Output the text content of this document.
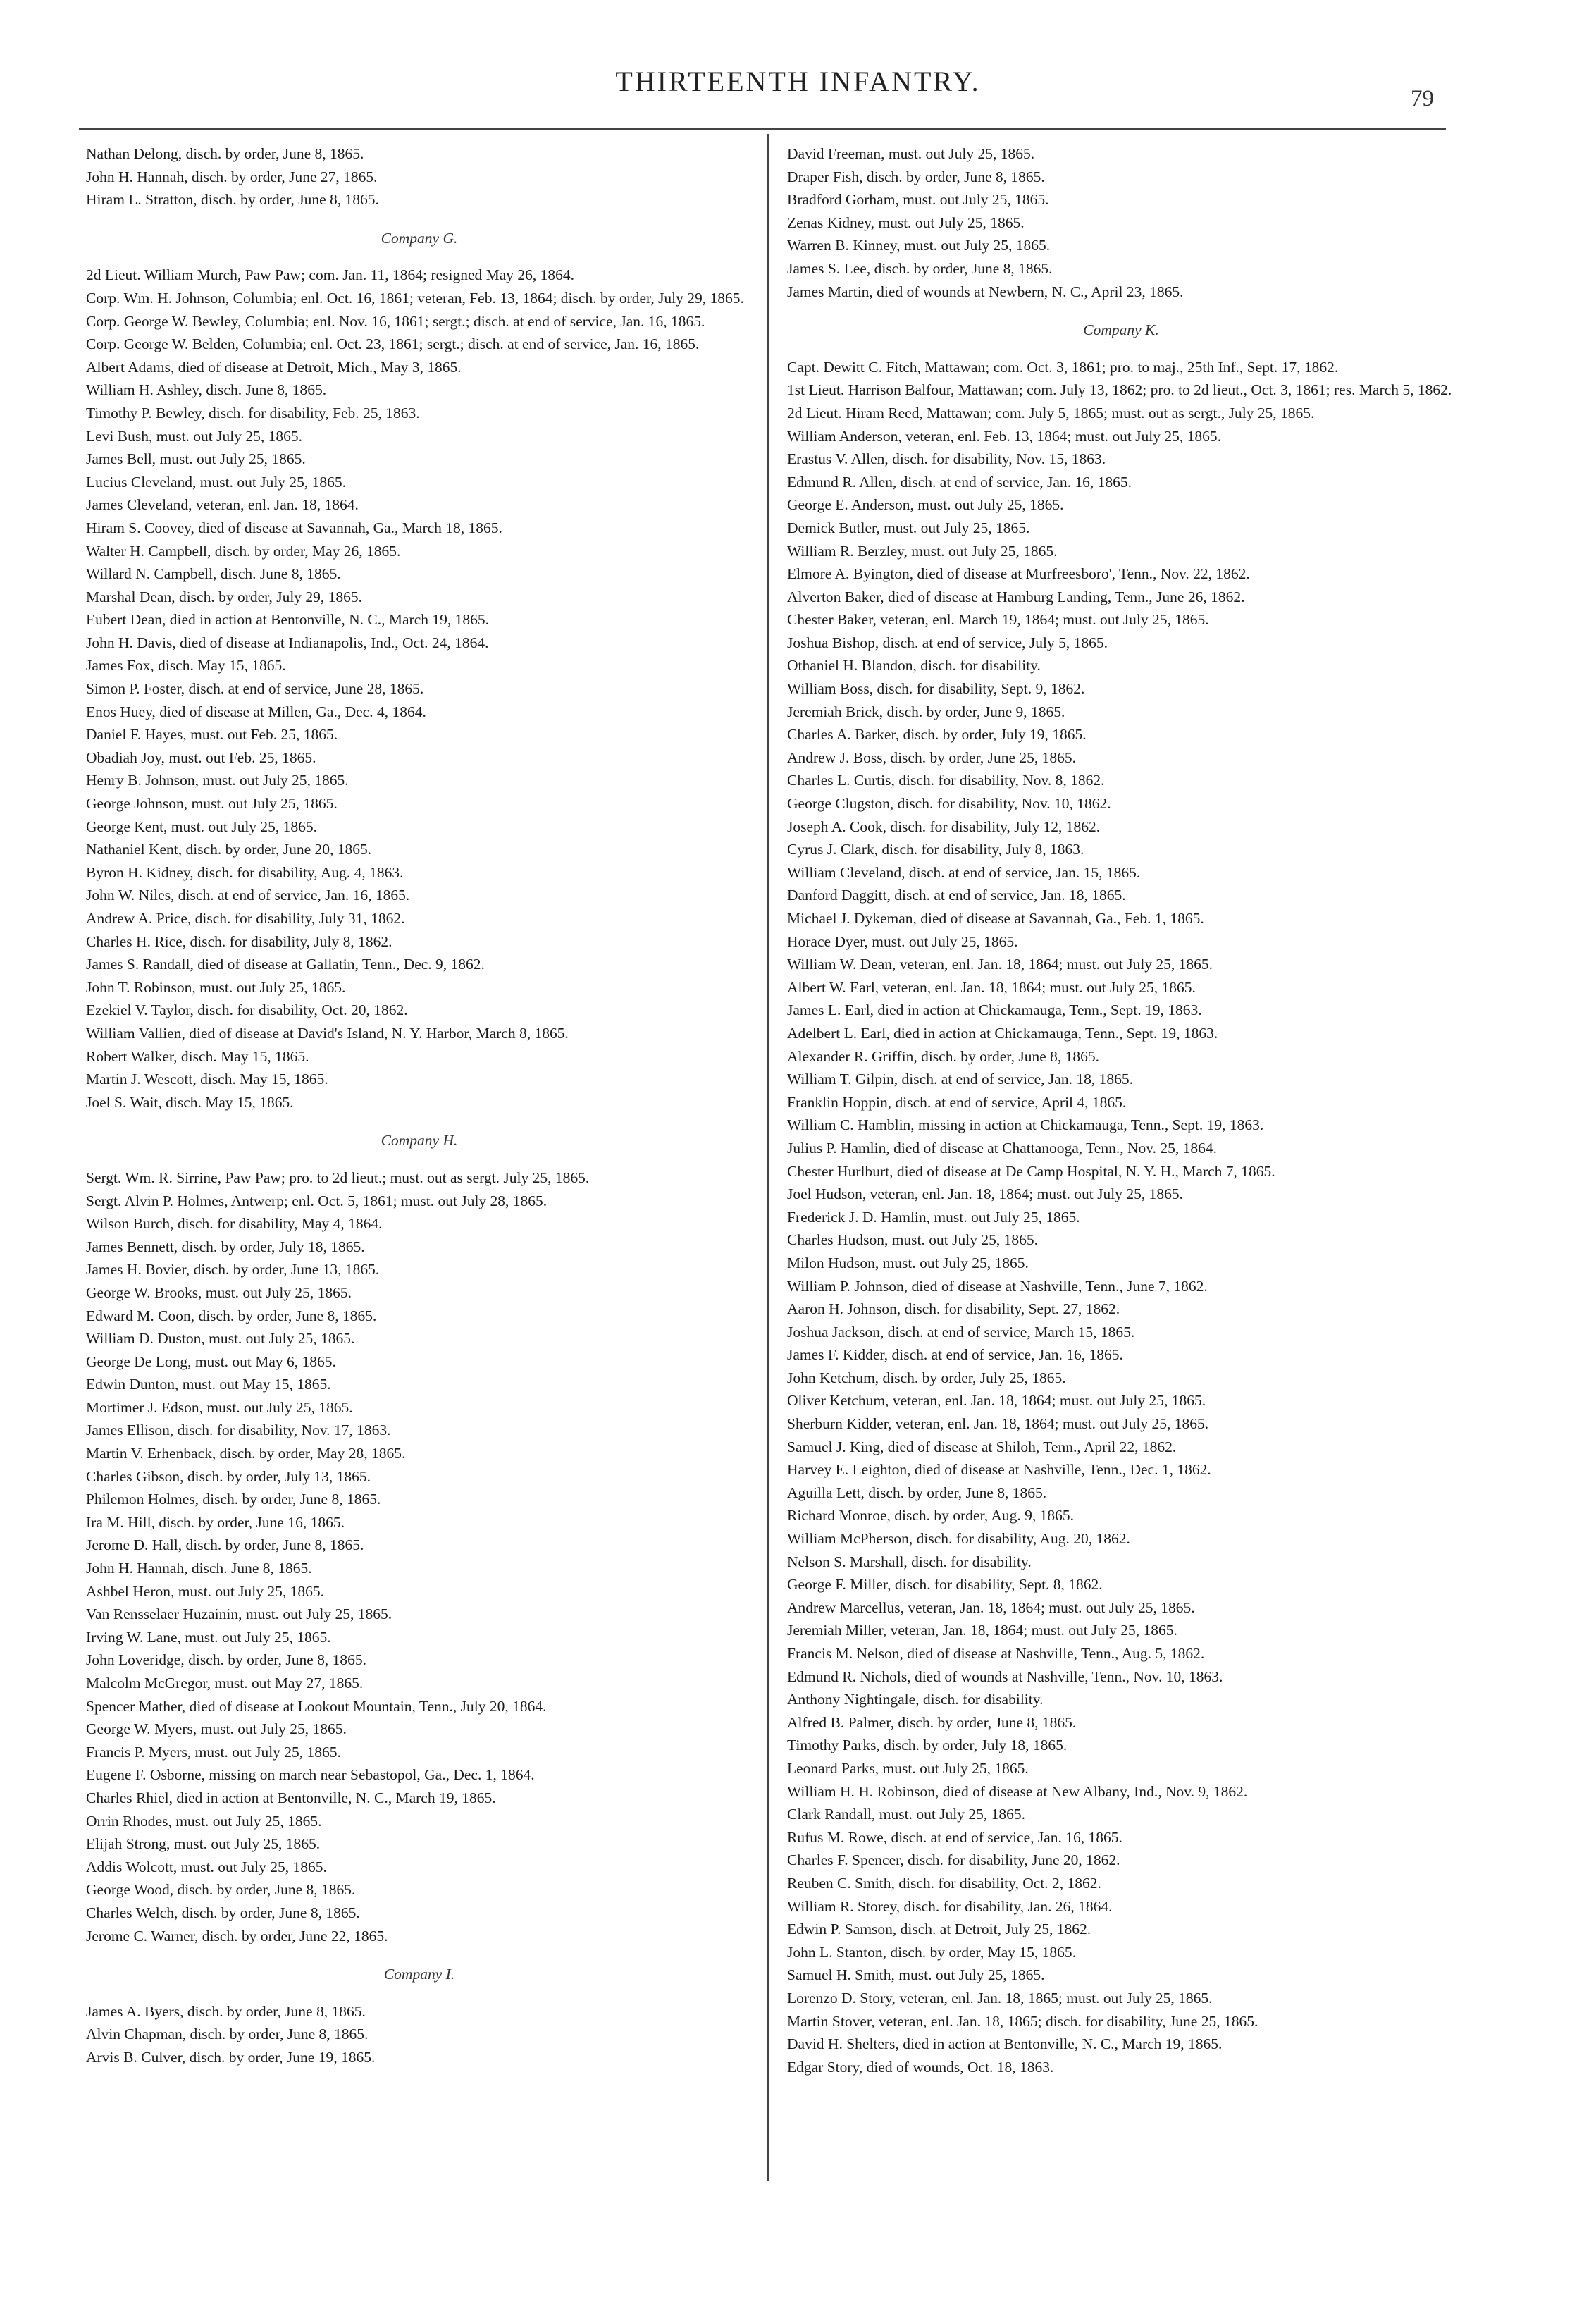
THIRTEENTH INFANTRY.
79
Nathan Delong, disch. by order, June 8, 1865.
John H. Hannah, disch. by order, June 27, 1865.
Hiram L. Stratton, disch. by order, June 8, 1865.
Company G.
2d Lieut. William Murch, Paw Paw; com. Jan. 11, 1864; resigned May 26, 1864.
Corp. Wm. H. Johnson, Columbia; enl. Oct. 16, 1861; veteran, Feb. 13, 1864; disch. by order, July 29, 1865.
Corp. George W. Bewley, Columbia; enl. Nov. 16, 1861; sergt.; disch. at end of service, Jan. 16, 1865.
Corp. George W. Belden, Columbia; enl. Oct. 23, 1861; sergt.; disch. at end of service, Jan. 16, 1865.
Albert Adams, died of disease at Detroit, Mich., May 3, 1865.
William H. Ashley, disch. June 8, 1865.
Timothy P. Bewley, disch. for disability, Feb. 25, 1863.
Levi Bush, must. out July 25, 1865.
James Bell, must. out July 25, 1865.
Lucius Cleveland, must. out July 25, 1865.
James Cleveland, veteran, enl. Jan. 18, 1864.
Hiram S. Coovey, died of disease at Savannah, Ga., March 18, 1865.
Walter H. Campbell, disch. by order, May 26, 1865.
Willard N. Campbell, disch. June 8, 1865.
Marshal Dean, disch. by order, July 29, 1865.
Eubert Dean, died in action at Bentonville, N. C., March 19, 1865.
John H. Davis, died of disease at Indianapolis, Ind., Oct. 24, 1864.
James Fox, disch. May 15, 1865.
Simon P. Foster, disch. at end of service, June 28, 1865.
Enos Huey, died of disease at Millen, Ga., Dec. 4, 1864.
Daniel F. Hayes, must. out Feb. 25, 1865.
Obadiah Joy, must. out Feb. 25, 1865.
Henry B. Johnson, must. out July 25, 1865.
George Johnson, must. out July 25, 1865.
George Kent, must. out July 25, 1865.
Nathaniel Kent, disch. by order, June 20, 1865.
Byron H. Kidney, disch. for disability, Aug. 4, 1863.
John W. Niles, disch. at end of service, Jan. 16, 1865.
Andrew A. Price, disch. for disability, July 31, 1862.
Charles H. Rice, disch. for disability, July 8, 1862.
James S. Randall, died of disease at Gallatin, Tenn., Dec. 9, 1862.
John T. Robinson, must. out July 25, 1865.
Ezekiel V. Taylor, disch. for disability, Oct. 20, 1862.
William Vallien, died of disease at David's Island, N. Y. Harbor, March 8, 1865.
Robert Walker, disch. May 15, 1865.
Martin J. Wescott, disch. May 15, 1865.
Joel S. Wait, disch. May 15, 1865.
Company H.
Sergt. Wm. R. Sirrine, Paw Paw; pro. to 2d lieut.; must. out as sergt. July 25, 1865.
Sergt. Alvin P. Holmes, Antwerp; enl. Oct. 5, 1861; must. out July 28, 1865.
Wilson Burch, disch. for disability, May 4, 1864.
James Bennett, disch. by order, July 18, 1865.
James H. Bovier, disch. by order, June 13, 1865.
George W. Brooks, must. out July 25, 1865.
Edward M. Coon, disch. by order, June 8, 1865.
William D. Duston, must. out July 25, 1865.
George De Long, must. out May 6, 1865.
Edwin Dunton, must. out May 15, 1865.
Mortimer J. Edson, must. out July 25, 1865.
James Ellison, disch. for disability, Nov. 17, 1863.
Martin V. Erhenback, disch. by order, May 28, 1865.
Charles Gibson, disch. by order, July 13, 1865.
Philemon Holmes, disch. by order, June 8, 1865.
Ira M. Hill, disch. by order, June 16, 1865.
Jerome D. Hall, disch. by order, June 8, 1865.
John H. Hannah, disch. June 8, 1865.
Ashbel Heron, must. out July 25, 1865.
Van Rensselaer Huzainin, must. out July 25, 1865.
Irving W. Lane, must. out July 25, 1865.
John Loveridge, disch. by order, June 8, 1865.
Malcolm McGregor, must. out May 27, 1865.
Spencer Mather, died of disease at Lookout Mountain, Tenn., July 20, 1864.
George W. Myers, must. out July 25, 1865.
Francis P. Myers, must. out July 25, 1865.
Eugene F. Osborne, missing on march near Sebastopol, Ga., Dec. 1, 1864.
Charles Rhiel, died in action at Bentonville, N. C., March 19, 1865.
Orrin Rhodes, must. out July 25, 1865.
Elijah Strong, must. out July 25, 1865.
Addis Wolcott, must. out July 25, 1865.
George Wood, disch. by order, June 8, 1865.
Charles Welch, disch. by order, June 8, 1865.
Jerome C. Warner, disch. by order, June 22, 1865.
Company I.
James A. Byers, disch. by order, June 8, 1865.
Alvin Chapman, disch. by order, June 8, 1865.
Arvis B. Culver, disch. by order, June 19, 1865.
David Freeman, must. out July 25, 1865.
Draper Fish, disch. by order, June 8, 1865.
Bradford Gorham, must. out July 25, 1865.
Zenas Kidney, must. out July 25, 1865.
Warren B. Kinney, must. out July 25, 1865.
James S. Lee, disch. by order, June 8, 1865.
James Martin, died of wounds at Newbern, N. C., April 23, 1865.
Company K.
Capt. Dewitt C. Fitch, Mattawan; com. Oct. 3, 1861; pro. to maj., 25th Inf., Sept. 17, 1862.
1st Lieut. Harrison Balfour, Mattawan; com. July 13, 1862; pro. to 2d lieut., Oct. 3, 1861; res. March 5, 1862.
2d Lieut. Hiram Reed, Mattawan; com. July 5, 1865; must. out as sergt., July 25, 1865.
William Anderson, veteran, enl. Feb. 13, 1864; must. out July 25, 1865.
Erastus V. Allen, disch. for disability, Nov. 15, 1863.
Edmund R. Allen, disch. at end of service, Jan. 16, 1865.
George E. Anderson, must. out July 25, 1865.
Demick Butler, must. out July 25, 1865.
William R. Berzley, must. out July 25, 1865.
Elmore A. Byington, died of disease at Murfreesboro', Tenn., Nov. 22, 1862.
Alverton Baker, died of disease at Hamburg Landing, Tenn., June 26, 1862.
Chester Baker, veteran, enl. March 19, 1864; must. out July 25, 1865.
Joshua Bishop, disch. at end of service, July 5, 1865.
Othaniel H. Blandon, disch. for disability.
William Boss, disch. for disability, Sept. 9, 1862.
Jeremiah Brick, disch. by order, June 9, 1865.
Charles A. Barker, disch. by order, July 19, 1865.
Andrew J. Boss, disch. by order, June 25, 1865.
Charles L. Curtis, disch. for disability, Nov. 8, 1862.
George Clugston, disch. for disability, Nov. 10, 1862.
Joseph A. Cook, disch. for disability, July 12, 1862.
Cyrus J. Clark, disch. for disability, July 8, 1863.
William Cleveland, disch. at end of service, Jan. 15, 1865.
Danford Daggitt, disch. at end of service, Jan. 18, 1865.
Michael J. Dykeman, died of disease at Savannah, Ga., Feb. 1, 1865.
Horace Dyer, must. out July 25, 1865.
William W. Dean, veteran, enl. Jan. 18, 1864; must. out July 25, 1865.
Albert W. Earl, veteran, enl. Jan. 18, 1864; must. out July 25, 1865.
James L. Earl, died in action at Chickamauga, Tenn., Sept. 19, 1863.
Adelbert L. Earl, died in action at Chickamauga, Tenn., Sept. 19, 1863.
Alexander R. Griffin, disch. by order, June 8, 1865.
William T. Gilpin, disch. at end of service, Jan. 18, 1865.
Franklin Hoppin, disch. at end of service, April 4, 1865.
William C. Hamblin, missing in action at Chickamauga, Tenn., Sept. 19, 1863.
Julius P. Hamlin, died of disease at Chattanooga, Tenn., Nov. 25, 1864.
Chester Hurlburt, died of disease at De Camp Hospital, N. Y. H., March 7, 1865.
Joel Hudson, veteran, enl. Jan. 18, 1864; must. out July 25, 1865.
Frederick J. D. Hamlin, must. out July 25, 1865.
Charles Hudson, must. out July 25, 1865.
Milon Hudson, must. out July 25, 1865.
William P. Johnson, died of disease at Nashville, Tenn., June 7, 1862.
Aaron H. Johnson, disch. for disability, Sept. 27, 1862.
Joshua Jackson, disch. at end of service, March 15, 1865.
James F. Kidder, disch. at end of service, Jan. 16, 1865.
John Ketchum, disch. by order, July 25, 1865.
Oliver Ketchum, veteran, enl. Jan. 18, 1864; must. out July 25, 1865.
Sherburn Kidder, veteran, enl. Jan. 18, 1864; must. out July 25, 1865.
Samuel J. King, died of disease at Shiloh, Tenn., April 22, 1862.
Harvey E. Leighton, died of disease at Nashville, Tenn., Dec. 1, 1862.
Aguilla Lett, disch. by order, June 8, 1865.
Richard Monroe, disch. by order, Aug. 9, 1865.
William McPherson, disch. for disability, Aug. 20, 1862.
Nelson S. Marshall, disch. for disability.
George F. Miller, disch. for disability, Sept. 8, 1862.
Andrew Marcellus, veteran, Jan. 18, 1864; must. out July 25, 1865.
Jeremiah Miller, veteran, Jan. 18, 1864; must. out July 25, 1865.
Francis M. Nelson, died of disease at Nashville, Tenn., Aug. 5, 1862.
Edmund R. Nichols, died of wounds at Nashville, Tenn., Nov. 10, 1863.
Anthony Nightingale, disch. for disability.
Alfred B. Palmer, disch. by order, June 8, 1865.
Timothy Parks, disch. by order, July 18, 1865.
Leonard Parks, must. out July 25, 1865.
William H. H. Robinson, died of disease at New Albany, Ind., Nov. 9, 1862.
Clark Randall, must. out July 25, 1865.
Rufus M. Rowe, disch. at end of service, Jan. 16, 1865.
Charles F. Spencer, disch. for disability, June 20, 1862.
Reuben C. Smith, disch. for disability, Oct. 2, 1862.
William R. Storey, disch. for disability, Jan. 26, 1864.
Edwin P. Samson, disch. at Detroit, July 25, 1862.
John L. Stanton, disch. by order, May 15, 1865.
Samuel H. Smith, must. out July 25, 1865.
Lorenzo D. Story, veteran, enl. Jan. 18, 1865; must. out July 25, 1865.
Martin Stover, veteran, enl. Jan. 18, 1865; disch. for disability, June 25, 1865.
David H. Shelters, died in action at Bentonville, N. C., March 19, 1865.
Edgar Story, died of wounds, Oct. 18, 1863.
